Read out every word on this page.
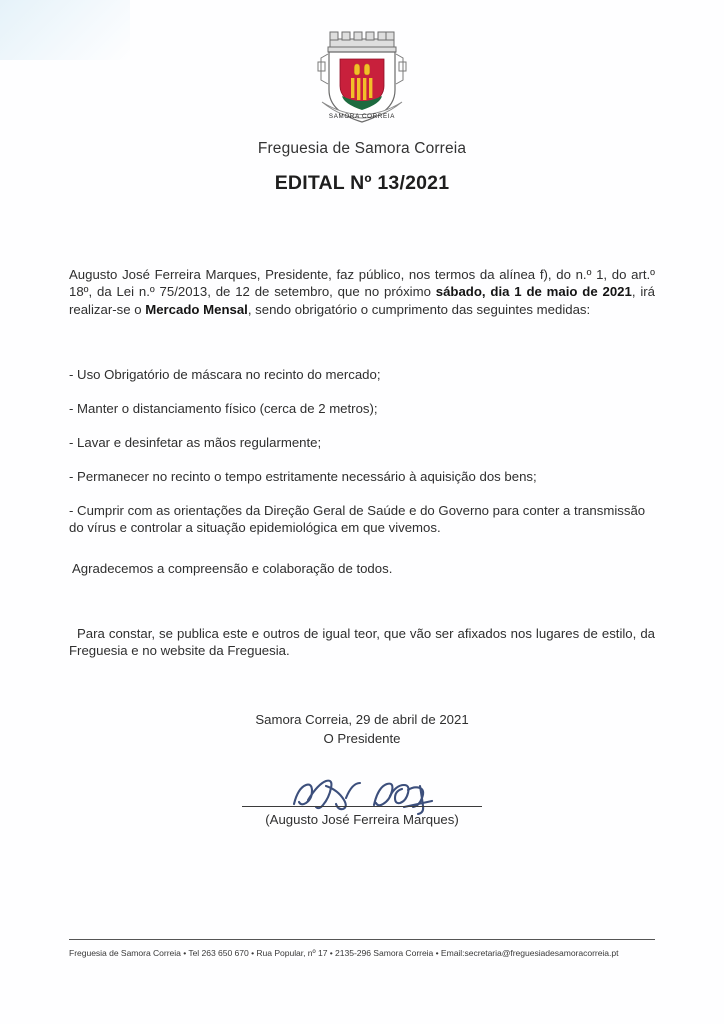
SAMORA CORREIA
Freguesia de Samora Correia
EDITAL Nº 13/2021

Augusto José Ferreira Marques, Presidente, faz público, nos termos da alínea f), do n.º 1, do art.º 18º, da Lei n.º 75/2013, de 12 de setembro, que no próximo sábado, dia 1 de maio de 2021, irá realizar-se o Mercado Mensal, sendo obrigatório o cumprimento das seguintes medidas:

- Uso Obrigatório de máscara no recinto do mercado;

- Manter o distanciamento físico (cerca de 2 metros);

- Lavar e desinfetar as mãos regularmente;

- Permanecer no recinto o tempo estritamente necessário à aquisição dos bens;

- Cumprir com as orientações da Direção Geral de Saúde e do Governo para conter a transmissão do vírus e controlar a situação epidemiológica em que vivemos.

Agradecemos a compreensão e colaboração de todos.
Para constar, se publica este e outros de igual teor, que vão ser afixados nos lugares de estilo, da Freguesia e no website da Freguesia.
Samora Correia, 29 de abril de 2021
O Presidente
(Augusto José Ferreira Marques)
Freguesia de Samora Correia • Tel 263 650 670 • Rua Popular, nº 17 • 2135-296 Samora Correia • Email:secretaria@freguesiadesamoracorreia.pt
